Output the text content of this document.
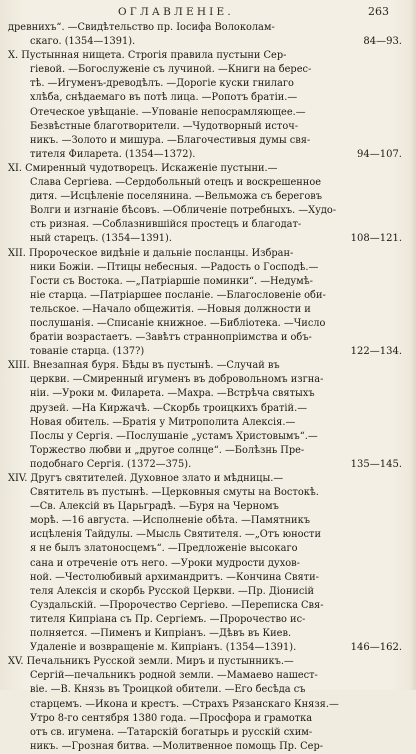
ОГЛАВЛЕНIЕ.	263
древнихъ“. —Свидѣтельство пр. Iосифа Волоколам-
скаго. (1354—1391).	84—93.
X. Пустынная нищета. Строгiя правила пустыни Сер-
гiевой. —Богослуженiе съ лучиной. —Книги на берес-
тѣ. —Игуменъ-древодѣлъ. —Дорогiе куски гнилаго
хлѣба, снѣдаемаго въ потѣ лица. —Ропотъ братiи.—
Отеческое увѣщанiе. —Упованiе непосрамляющее.—
Безвѣстные благотворители. —Чудотворный источ-
никъ. —Золото и мишура. —Благочестивыя думы свя-
тителя Филарета. (1354—1372).	94—107.
XI. Смиренный чудотворецъ. Искаженiе пустыни.—
Слава Сергiева. —Сердобольный отецъ и воскрешенное
дитя. —Исцѣленiе поселянина. —Вельможа съ береговъ
Волги и изгнанiе бѣсовъ. —Обличенiе потребныхъ. —Худо-
сть ризная. —Соблазнившiйся простецъ и благодат-
ный старецъ. (1354—1391).	108—121.
XII. Пророческое видѣнiе и дальнiе посланцы. Избран-
ники Божiи. —Птицы небесныя. —Радость о Господѣ.—
Гости съ Востока. —„Патрiаршiе поминки“. —Недумѣ-
нiе старца. —Патрiаршее посланiе. —Благословенiе оби-
тельское. —Начало общежитiя. —Новыя должности и
послушанiя. —Списанiе книжное. —Библiотека. —Число
братiи возрастаетъ. —Завѣтъ страннопрiимства и объ-
тованiе старца. (137?)	122—134.
XIII. Внезапная буря. Бѣды въ пустынѣ. —Случай въ
церкви. —Смиренный игуменъ въ добровольномъ изгна-
нiи. —Уроки м. Филарета. —Махра. —Встрѣча святыхъ
друзей. —На Киржачѣ. —Скорбь троицкихъ братiй.—
Новая обитель. —Братiя у Митрополита Алексiя.—
Послы у Сергiя. —Послушанiе „устамъ Христовымъ“.—
Торжество любви и „другое солнце“. —Болѣзнь Пре-
подобнаго Сергiя. (1372—375).	135—145.
XIV. Другъ святителей. Духовное злато и мѣдницы.—
Святитель въ пустынѣ. —Церковныя смуты на Востокѣ.
—Св. Алексiй въ Царьградѣ. —Буря на Черномъ
морѣ. —16 августа. —Исполненiе обѣта. —Памятникъ
исцѣленiя Тайдулы. —Мысль Святителя. —„Отъ юности
я не былъ златоносцемъ“. —Предложенiе высокаго
сана и отреченiе отъ него. —Уроки мудрости духов-
ной. —Честолюбивый архимандритъ. —Кончина Святи-
теля Алексiя и скорбь Русской Церкви. —Пр. Дiонисiй
Суздальскiй. —Пророчество Сергiево. —Переписка Свя-
тителя Кипрiана съ Пр. Сергiемъ. —Пророчество ис-
полняется. —Пименъ и Кипрiанъ. —Дѣвъ въ Киев.
Удаленiе и возвращенiе м. Кипрiанъ. (1354—1391).	146—162.
XV. Печальникъ Русской земли. Миръ и пустынникъ.—
Сергiй—печальникъ родной земли. —Мамаево нашест-
вiе. —В. Князь въ Троицкой обители. —Его бесѣда съ
старцемъ. —Икона и крестъ. —Страхъ Рязанскаго Князя.—
Утро 8-го сентября 1380 года. —Просфора и грамотка
отъ св. игумена. —Татарскiй богатырь и русскiй схим-
никъ. —Грозная битва. —Молитвенное помощь Пр. Сер-
